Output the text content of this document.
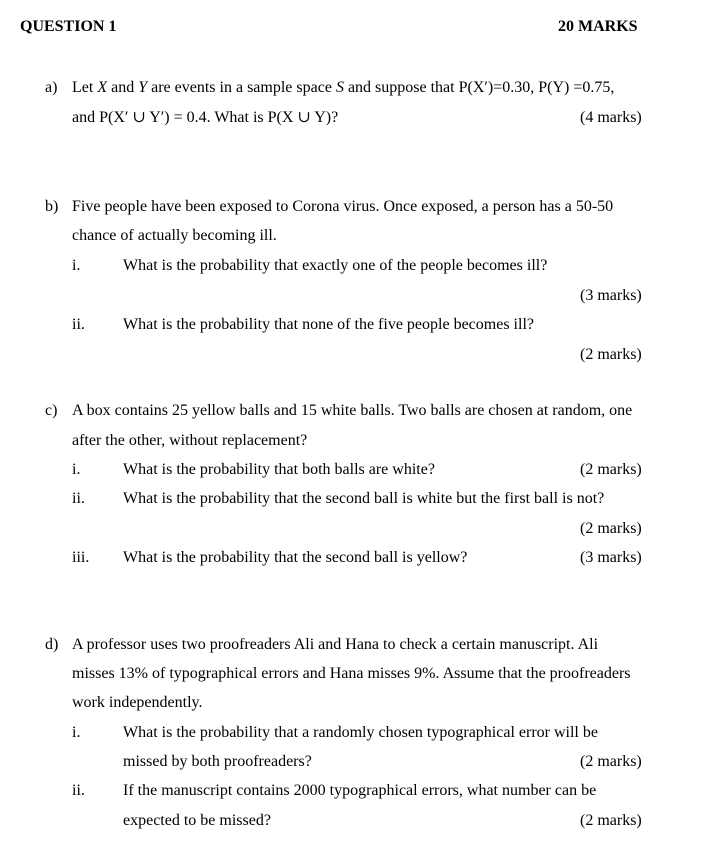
QUESTION 1	20 MARKS
a) Let X and Y are events in a sample space S and suppose that P(X′)=0.30, P(Y) =0.75,
and P(X′ ∪ Y′) = 0.4. What is P(X ∪ Y)?	(4 marks)
b) Five people have been exposed to Corona virus. Once exposed, a person has a 50-50
chance of actually becoming ill.
i.	What is the probability that exactly one of the people becomes ill?
(3 marks)
ii. What is the probability that none of the five people becomes ill?
(2 marks)
c) A box contains 25 yellow balls and 15 white balls. Two balls are chosen at random, one
after the other, without replacement?
i.	What is the probability that both balls are white?	(2 marks)
ii. What is the probability that the second ball is white but the first ball is not?
(2 marks)
iii. What is the probability that the second ball is yellow?	(3 marks)
d) A professor uses two proofreaders Ali and Hana to check a certain manuscript. Ali
misses 13% of typographical errors and Hana misses 9%. Assume that the proofreaders
work independently.
i.	What is the probability that a randomly chosen typographical error will be
missed by both proofreaders?	(2 marks)
ii. If the manuscript contains 2000 typographical errors, what number can be
expected to be missed?	(2 marks)
